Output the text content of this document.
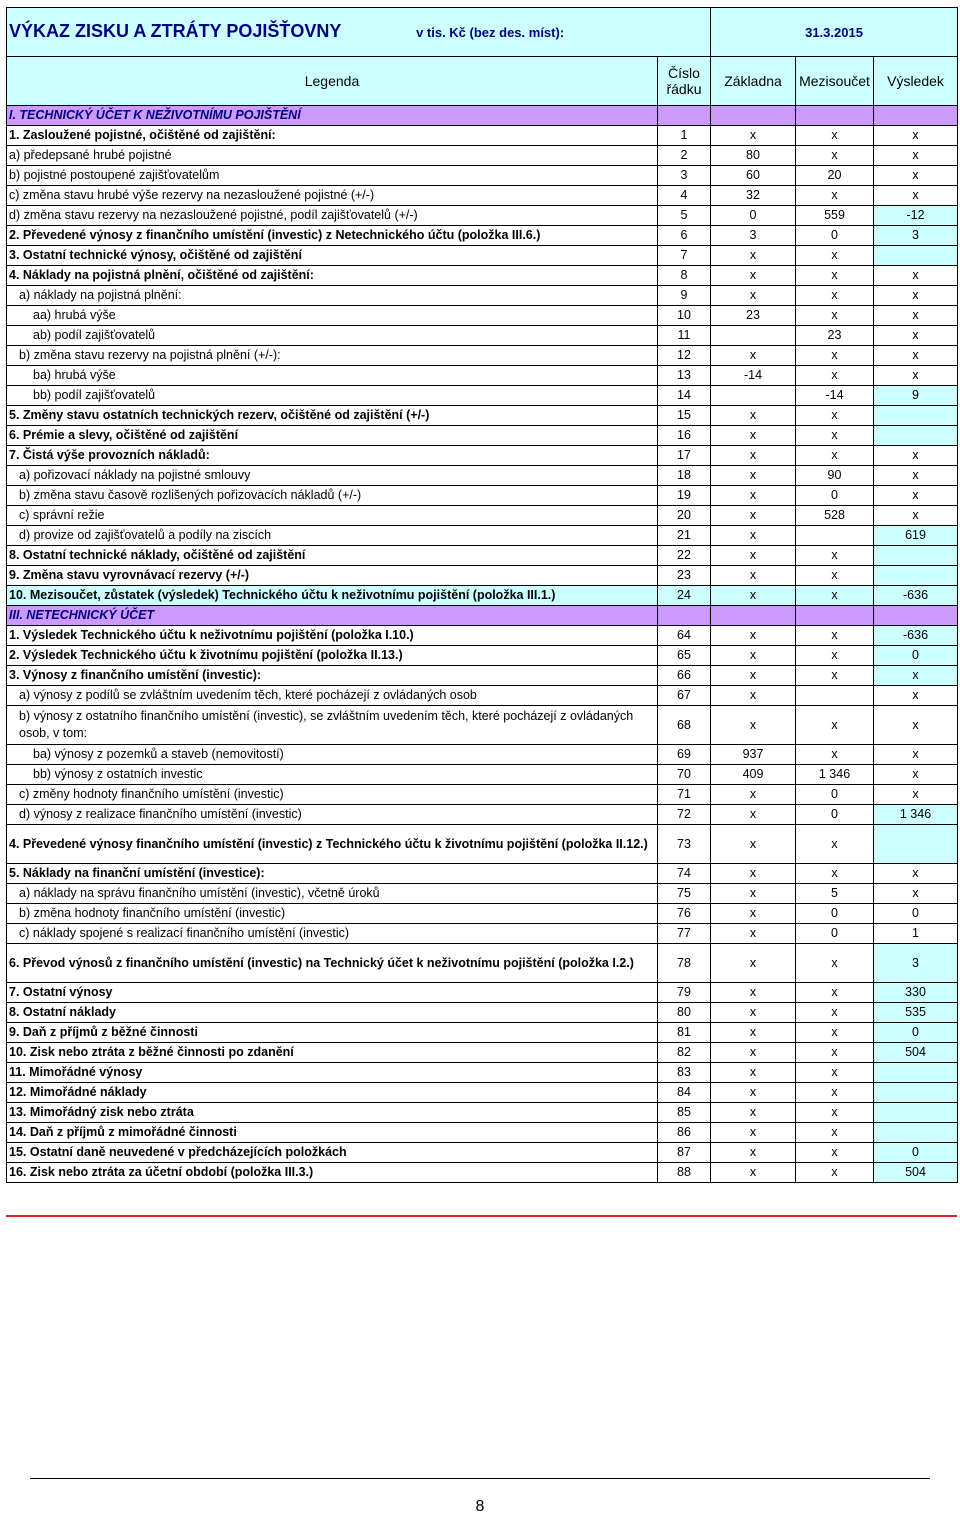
VÝKAZ ZISKU A ZTRÁTY POJIŠŤOVNY v tis. Kč (bez des. míst):		31.3.2015		
Legenda	Číslo
řádku	Základna	Mezisoučet	Výsledek
I. TECHNICKÝ ÚČET K NEŽIVOTNÍMU POJIŠTĚNÍ				
1. Zasloužené pojistné, očištěné od zajištění:	1	x	x	x
a) předepsané hrubé pojistné	2	80	x	x
b) pojistné postoupené zajišťovatelům	3	60	20	x
c) změna stavu hrubé výše rezervy na nezasloužené pojistné (+/-)	4	32	x	x
d) změna stavu rezervy na nezasloužené pojistné, podíl zajišťovatelů (+/-)	5	0	559	-12
2. Převedené výnosy z finančního umístění (investic) z Netechnického účtu (položka III.6.)	6	3	0	3
3. Ostatní technické výnosy, očištěné od zajištění	7	x	x	
4. Náklady na pojistná plnění, očištěné od zajištění:	8	x	x	x
a) náklady na pojistná plnění:	9	x	x	x
aa) hrubá výše	10	23	x	x
ab) podíl zajišťovatelů	11		23	x
b) změna stavu rezervy na pojistná plnění (+/-):	12	x	x	x
ba) hrubá výše	13	-14	x	x
bb) podíl zajišťovatelů	14		-14	9
5. Změny stavu ostatních technických rezerv, očištěné od zajištění (+/-)	15	x	x	
6. Prémie a slevy, očištěné od zajištění	16	x	x	
7. Čistá výše provozních nákladů:	17	x	x	x
a) pořizovací náklady na pojistné smlouvy	18	x	90	x
b) změna stavu časově rozlišených pořizovacích nákladů (+/-)	19	x	0	x
c) správní režie	20	x	528	x
d) provize od zajišťovatelů a podíly na ziscích	21	x		619
8. Ostatní technické náklady, očištěné od zajištění	22	x	x	
9. Změna stavu vyrovnávací rezervy (+/-)	23	x	x	
10. Mezisoučet, zůstatek (výsledek) Technického účtu k neživotnímu pojištění (položka III.1.)	24	x	x	-636
III. NETECHNICKÝ ÚČET				
1. Výsledek Technického účtu k neživotnímu pojištění (položka I.10.)	64	x	x	-636
2. Výsledek Technického účtu k životnímu pojištění (položka II.13.)	65	x	x	0
3. Výnosy z finančního umístění (investic):	66	x	x	x
a) výnosy z podílů se zvláštním uvedením těch, které pocházejí z ovládaných osob	67	x		x
b) výnosy z ostatního finančního umístění (investic), se zvláštním uvedením těch, které pocházejí z ovládaných osob, v tom:	68	x	x	x
ba) výnosy z pozemků a staveb (nemovitostí)	69	937	x	x
bb) výnosy z ostatních investic	70	409	1 346	x
c) změny hodnoty finančního umístění (investic)	71	x	0	x
d) výnosy z realizace finančního umístění (investic)	72	x	0	1 346
4. Převedené výnosy finančního umístění (investic) z Technického účtu k životnímu pojištění (položka II.12.)	73	x	x	
5. Náklady na finanční umístění (investice):	74	x	x	x
a) náklady na správu finančního umístění (investic), včetně úroků	75	x	5	x
b) změna hodnoty finančního umístění (investic)	76	x	0	0
c) náklady spojené s realizací finančního umístění (investic)	77	x	0	1
6. Převod výnosů z finančního umístění (investic) na Technický účet k neživotnímu pojištění (položka I.2.)	78	x	x	3
7. Ostatní výnosy	79	x	x	330
8. Ostatní náklady	80	x	x	535
9. Daň z příjmů z běžné činnosti	81	x	x	0
10. Zisk nebo ztráta z běžné činnosti po zdanění	82	x	x	504
11. Mimořádné výnosy	83	x	x	
12. Mimořádné náklady	84	x	x	
13. Mimořádný zisk nebo ztráta	85	x	x	
14. Daň z příjmů z mimořádné činnosti	86	x	x	
15. Ostatní daně neuvedené v předcházejících položkách	87	x	x	0
16. Zisk nebo ztráta za účetní období (položka III.3.)	88	x	x	504
8
